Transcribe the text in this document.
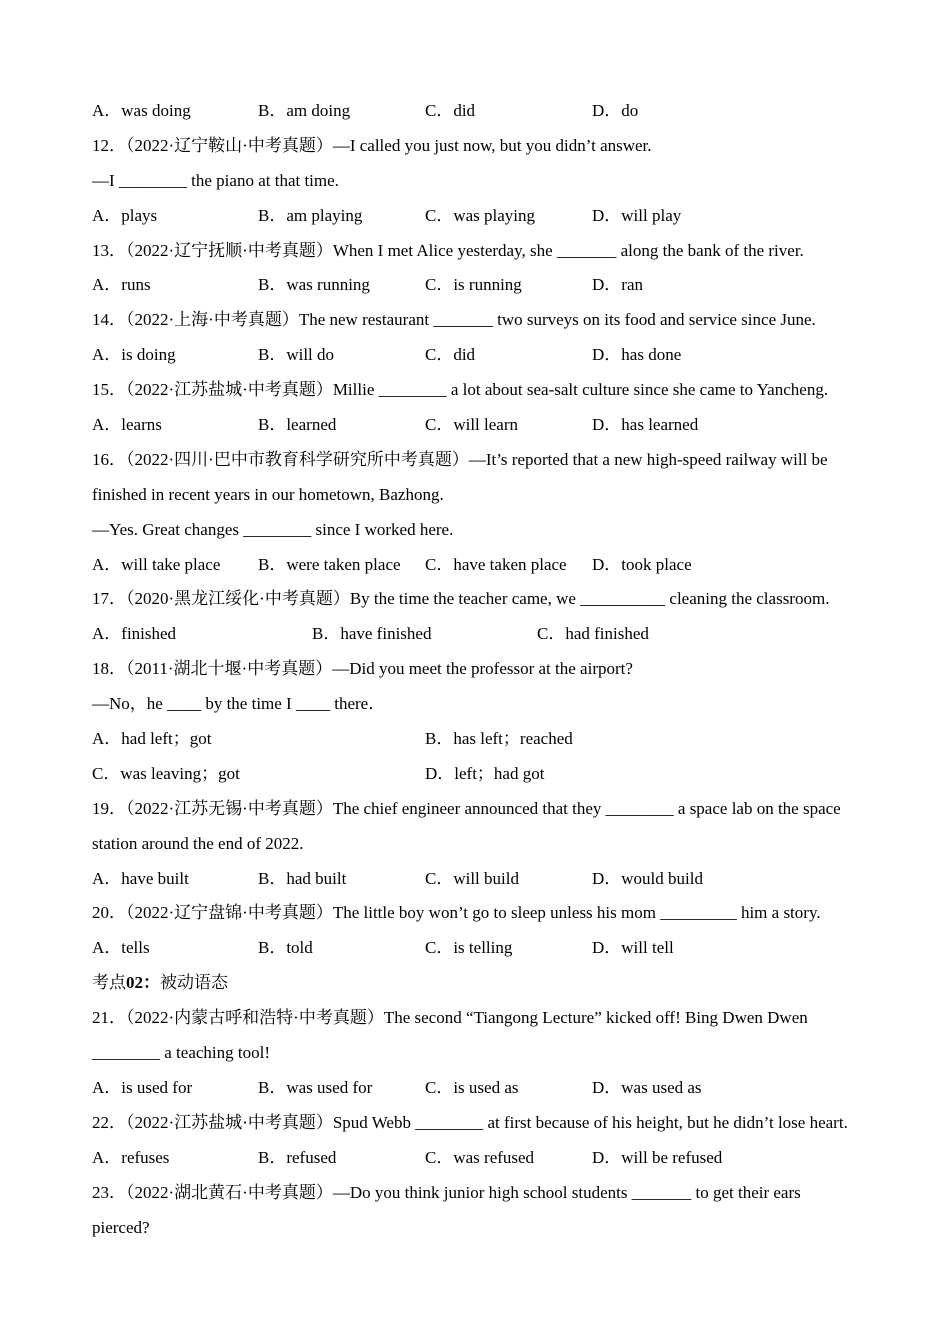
A．was doing	B．am doing	C．did	D．do
12．（2022·辽宁鞍山·中考真题）—I called you just now, but you didn’t answer.
—I ________ the piano at that time.
A．plays	B．am playing	C．was playing	D．will play
13．（2022·辽宁抚顺·中考真题）When I met Alice yesterday, she _______ along the bank of the river.
A．runs	B．was running	C．is running	D．ran
14．（2022·上海·中考真题）The new restaurant _______ two surveys on its food and service since June.
A．is doing	B．will do	C．did	D．has done
15．（2022·江苏盐城·中考真题）Millie ________ a lot about sea-salt culture since she came to Yancheng.
A．learns	B．learned	C．will learn	D．has learned
16．（2022·四川·巴中市教育科学研究所中考真题）—It’s reported that a new high-speed railway will be
finished in recent years in our hometown, Bazhong.
—Yes. Great changes ________ since I worked here.
A．will take place B．were taken place C．have taken place D．took place
17．（2020·黑龙江绥化·中考真题）By the time the teacher came, we __________ cleaning the classroom.
A．finished	B．have finished	C．had finished
18．（2011·湖北十堰·中考真题）—Did you meet the professor at the airport?
—No，he ____ by the time I ____ there．
A．had left；got	B．has left；reached
C．was leaving；got	D．left；had got
19．（2022·江苏无锡·中考真题）The chief engineer announced that they ________ a space lab on the space
station around the end of 2022.
A．have built	B．had built	C．will build	D．would build
20．（2022·辽宁盘锦·中考真题）The little boy won’t go to sleep unless his mom _________ him a story.
A．tells	B．told	C．is telling	D．will tell
考点02：被动语态
21．（2022·内蒙古呼和浩特·中考真题）The second “Tiangong Lecture” kicked off! Bing Dwen Dwen
________ a teaching tool!
A．is used for	B．was used for	C．is used as	D．was used as
22．（2022·江苏盐城·中考真题）Spud Webb ________ at first because of his height, but he didn’t lose heart.
A．refuses	B．refused	C．was refused	D．will be refused
23．（2022·湖北黄石·中考真题）—Do you think junior high school students _______ to get their ears
pierced?
